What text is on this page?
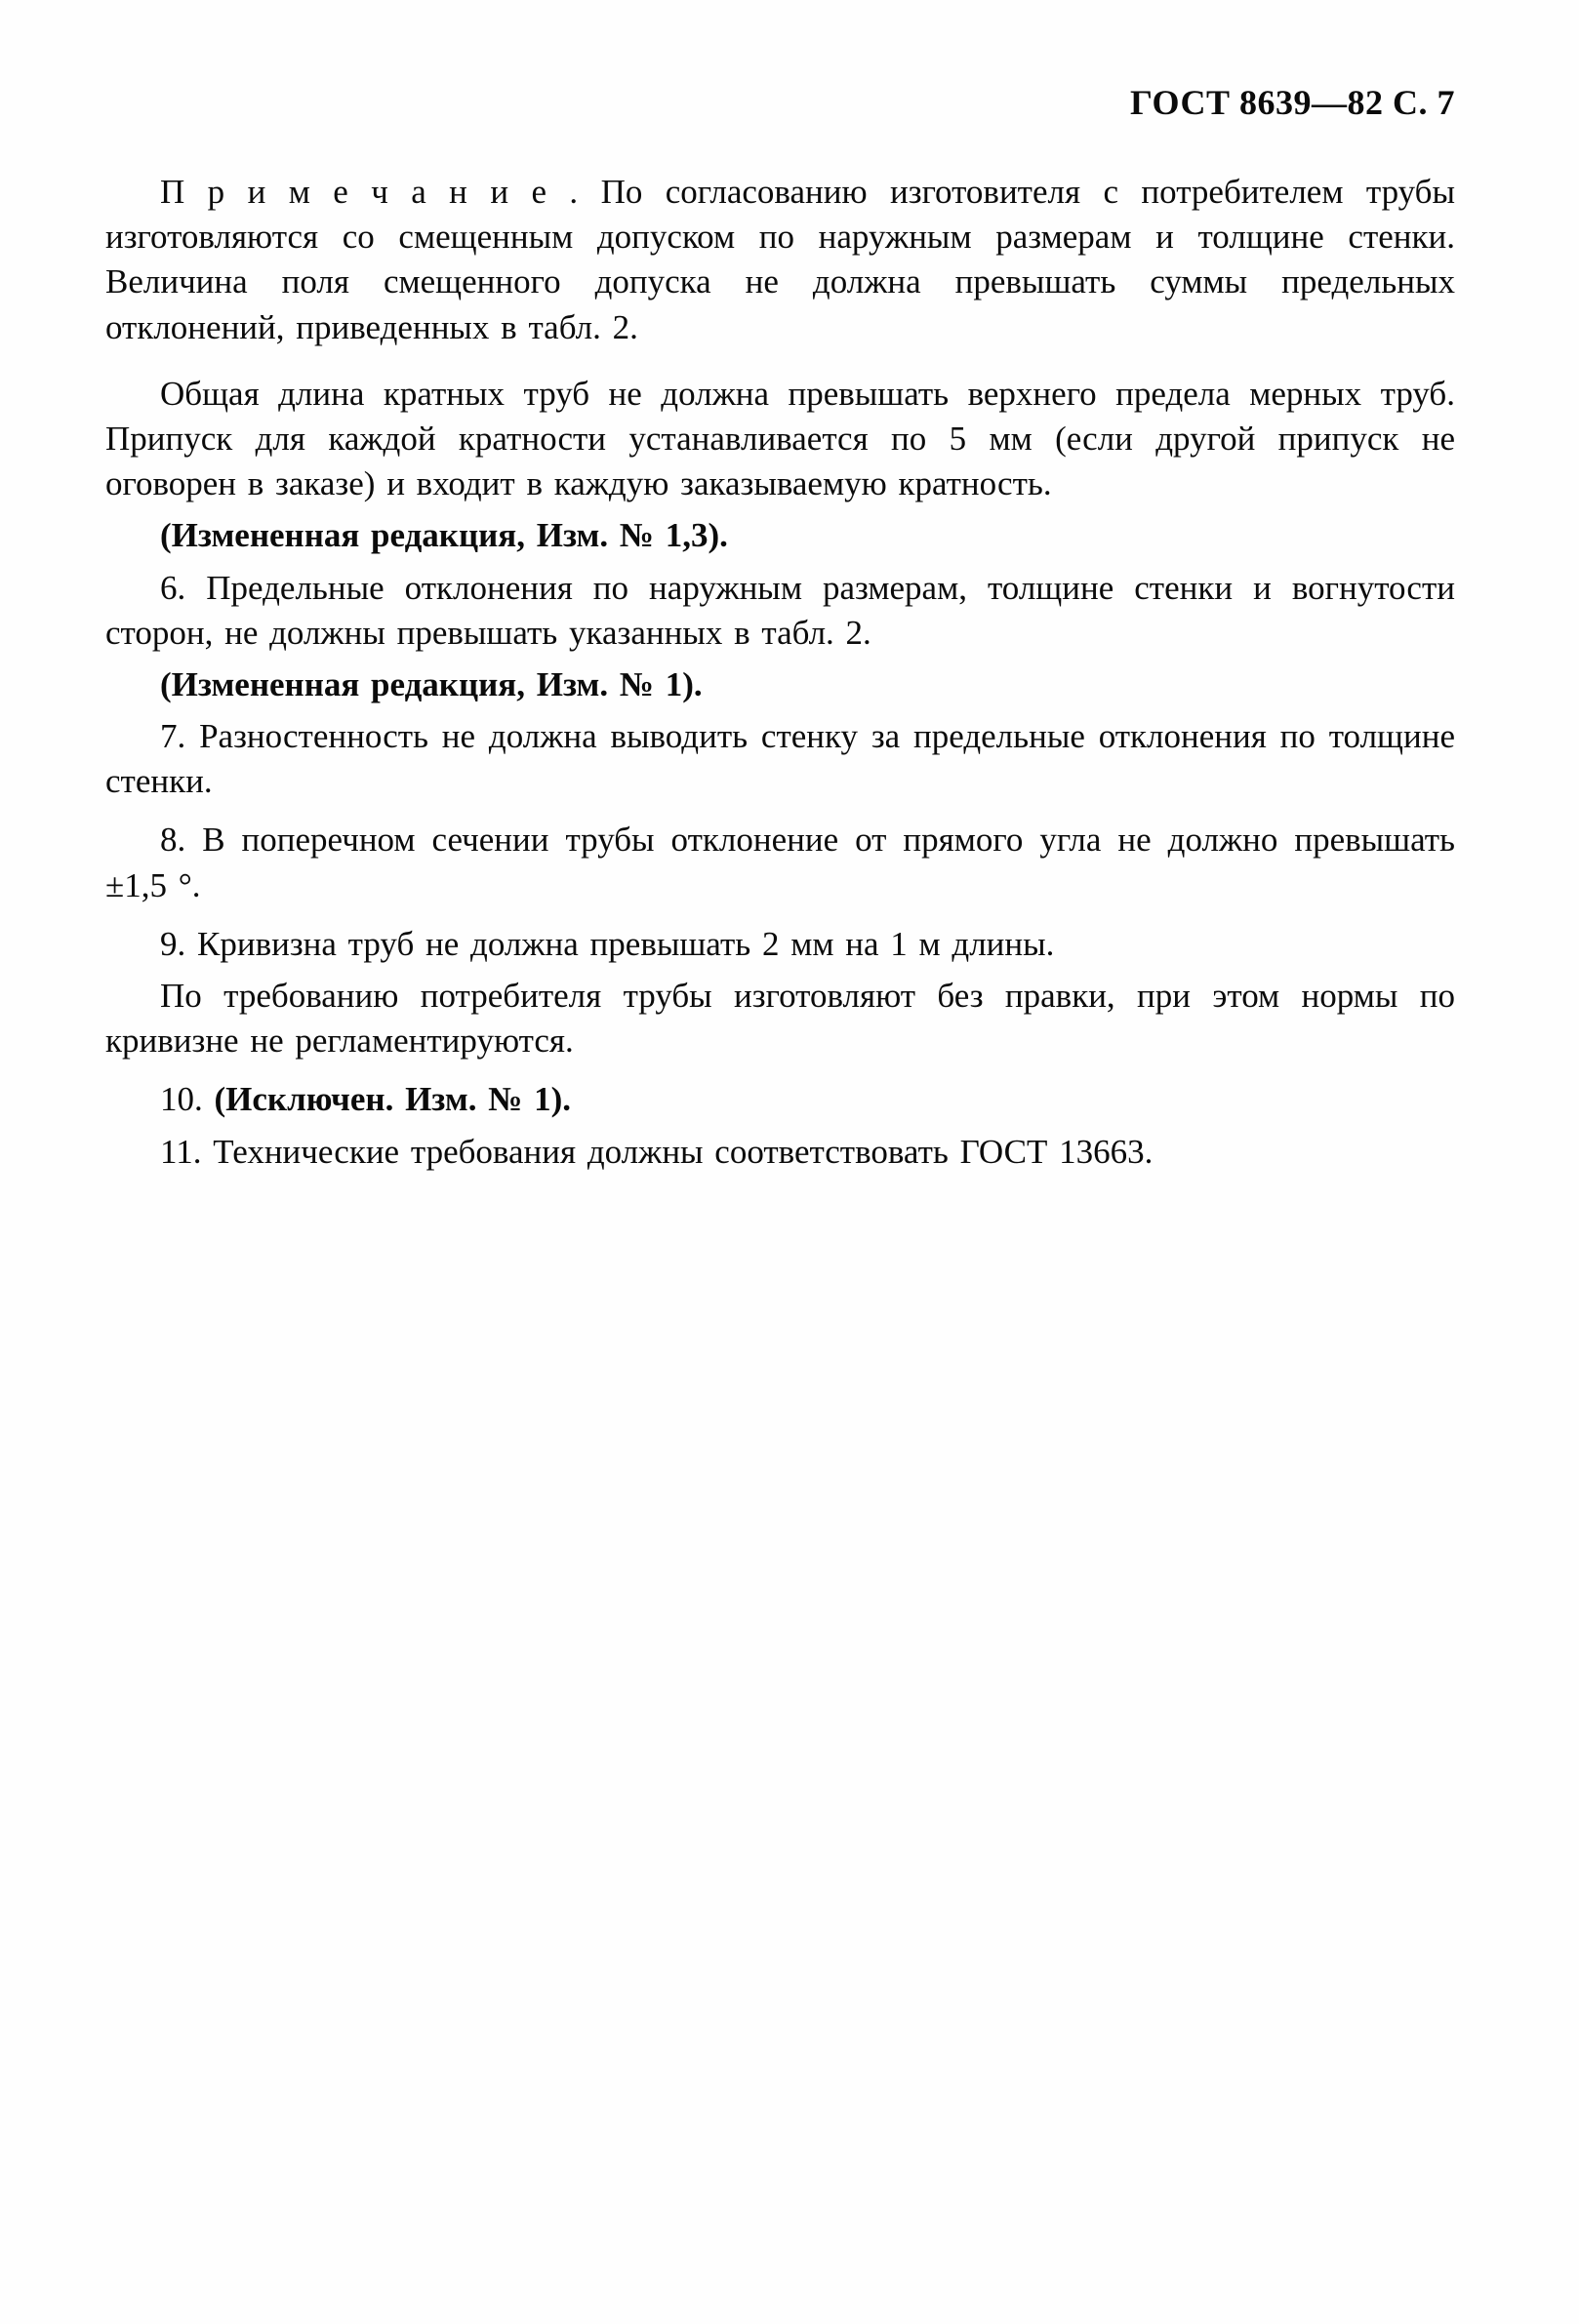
ГОСТ 8639—82 С. 7

П р и м е ч а н и е . По согласованию изготовителя с потребителем трубы изготовляются со смещенным допуском по наружным размерам и толщине стенки. Величина поля смещенного допуска не должна превышать суммы предельных отклонений, приведенных в табл. 2.

Общая длина кратных труб не должна превышать верхнего предела мерных труб. Припуск для каждой кратности устанавливается по 5 мм (если другой припуск не оговорен в заказе) и входит в каждую заказываемую кратность.

(Измененная редакция, Изм. № 1,3).

6. Предельные отклонения по наружным размерам, толщине стенки и вогнутости сторон, не должны превышать указанных в табл. 2.

(Измененная редакция, Изм. № 1).

7. Разностенность не должна выводить стенку за предельные отклонения по толщине стенки.

8. В поперечном сечении трубы отклонение от прямого угла не должно превышать ±1,5 °.

9. Кривизна труб не должна превышать 2 мм на 1 м длины.

По требованию потребителя трубы изготовляют без правки, при этом нормы по кривизне не регламентируются.

10. (Исключен. Изм. № 1).

11. Технические требования должны соответствовать ГОСТ 13663.
